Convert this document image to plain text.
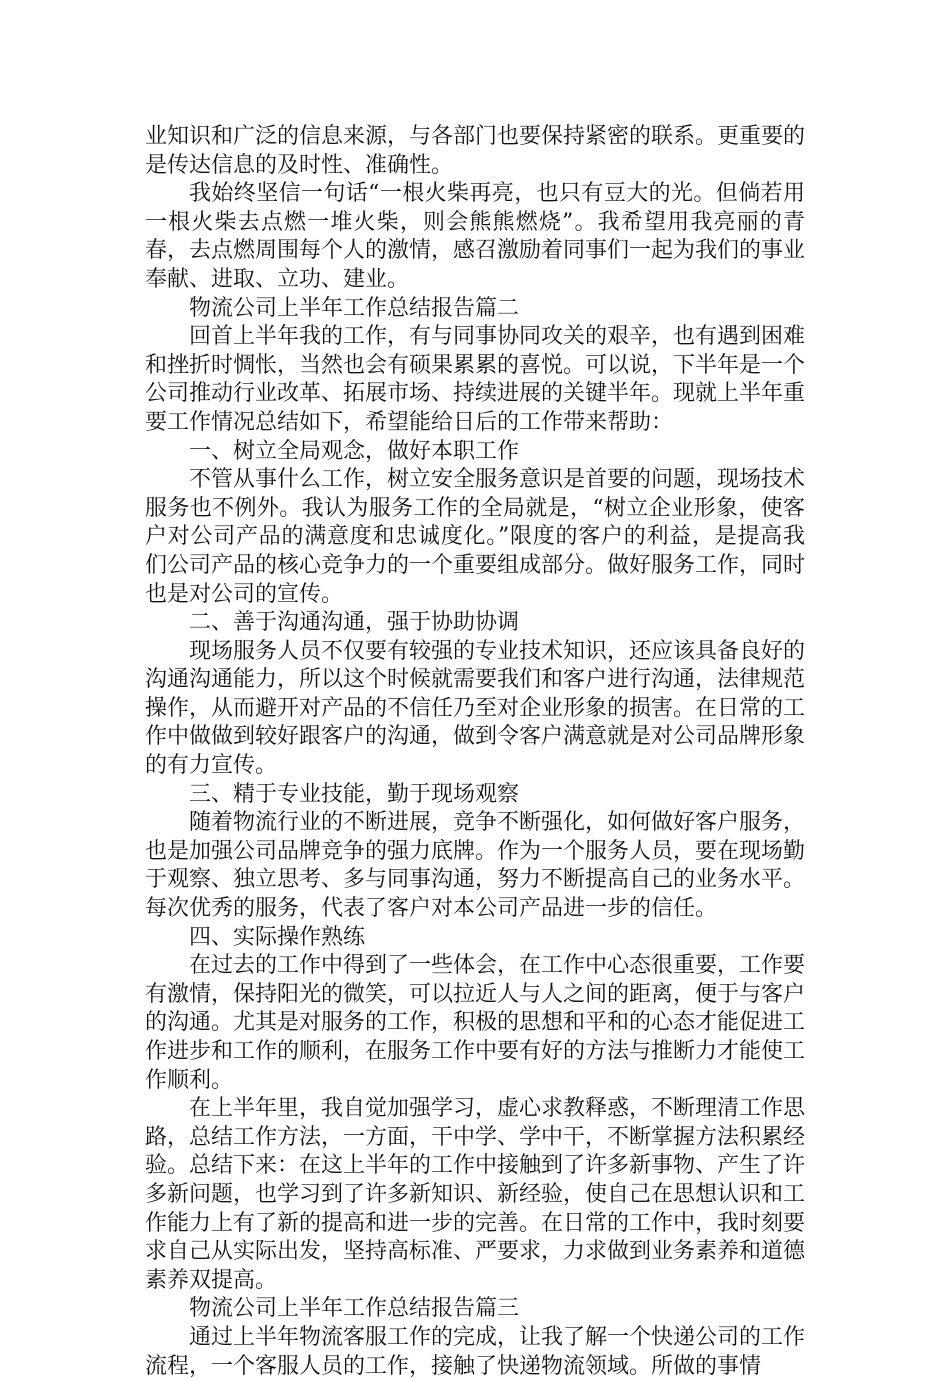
业知识和广泛的信息来源，与各部门也要保持紧密的联系。更重要的是传达信息的及时性、准确性。

我始终坚信一句话“一根火柴再亮，也只有豆大的光。但倘若用一根火柴去点燃一堆火柴，则会熊熊燃烧”。我希望用我亮丽的青春，去点燃周围每个人的激情，感召激励着同事们一起为我们的事业奉献、进取、立功、建业。

物流公司上半年工作总结报告篇二

回首上半年我的工作，有与同事协同攻关的艰辛，也有遇到困难和挫折时惆怅，当然也会有硕果累累的喜悦。可以说，下半年是一个公司推动行业改革、拓展市场、持续进展的关键半年。现就上半年重要工作情况总结如下，希望能给日后的工作带来帮助：

一、树立全局观念，做好本职工作

不管从事什么工作，树立安全服务意识是首要的问题，现场技术服务也不例外。我认为服务工作的全局就是，“树立企业形象，使客户对公司产品的满意度和忠诚度化。”限度的客户的利益，是提高我们公司产品的核心竞争力的一个重要组成部分。做好服务工作，同时也是对公司的宣传。

二、善于沟通沟通，强于协助协调

现场服务人员不仅要有较强的专业技术知识，还应该具备良好的沟通沟通能力，所以这个时候就需要我们和客户进行沟通，法律规范操作，从而避开对产品的不信任乃至对企业形象的损害。在日常的工作中做做到较好跟客户的沟通，做到令客户满意就是对公司品牌形象的有力宣传。

三、精于专业技能，勤于现场观察

随着物流行业的不断进展，竞争不断强化，如何做好客户服务，也是加强公司品牌竞争的强力底牌。作为一个服务人员，要在现场勤于观察、独立思考、多与同事沟通，努力不断提高自己的业务水平。每次优秀的服务，代表了客户对本公司产品进一步的信任。

四、实际操作熟练

在过去的工作中得到了一些体会，在工作中心态很重要，工作要有激情，保持阳光的微笑，可以拉近人与人之间的距离，便于与客户的沟通。尤其是对服务的工作，积极的思想和平和的心态才能促进工作进步和工作的顺利，在服务工作中要有好的方法与推断力才能使工作顺利。

在上半年里，我自觉加强学习，虚心求教释惑，不断理清工作思路，总结工作方法，一方面，干中学、学中干，不断掌握方法积累经验。总结下来：在这上半年的工作中接触到了许多新事物、产生了许多新问题，也学习到了许多新知识、新经验，使自己在思想认识和工作能力上有了新的提高和进一步的完善。在日常的工作中，我时刻要求自己从实际出发，坚持高标准、严要求，力求做到业务素养和道德素养双提高。

物流公司上半年工作总结报告篇三

通过上半年物流客服工作的完成，让我了解一个快递公司的工作流程，一个客服人员的工作，接触了快递物流领域。所做的事情
